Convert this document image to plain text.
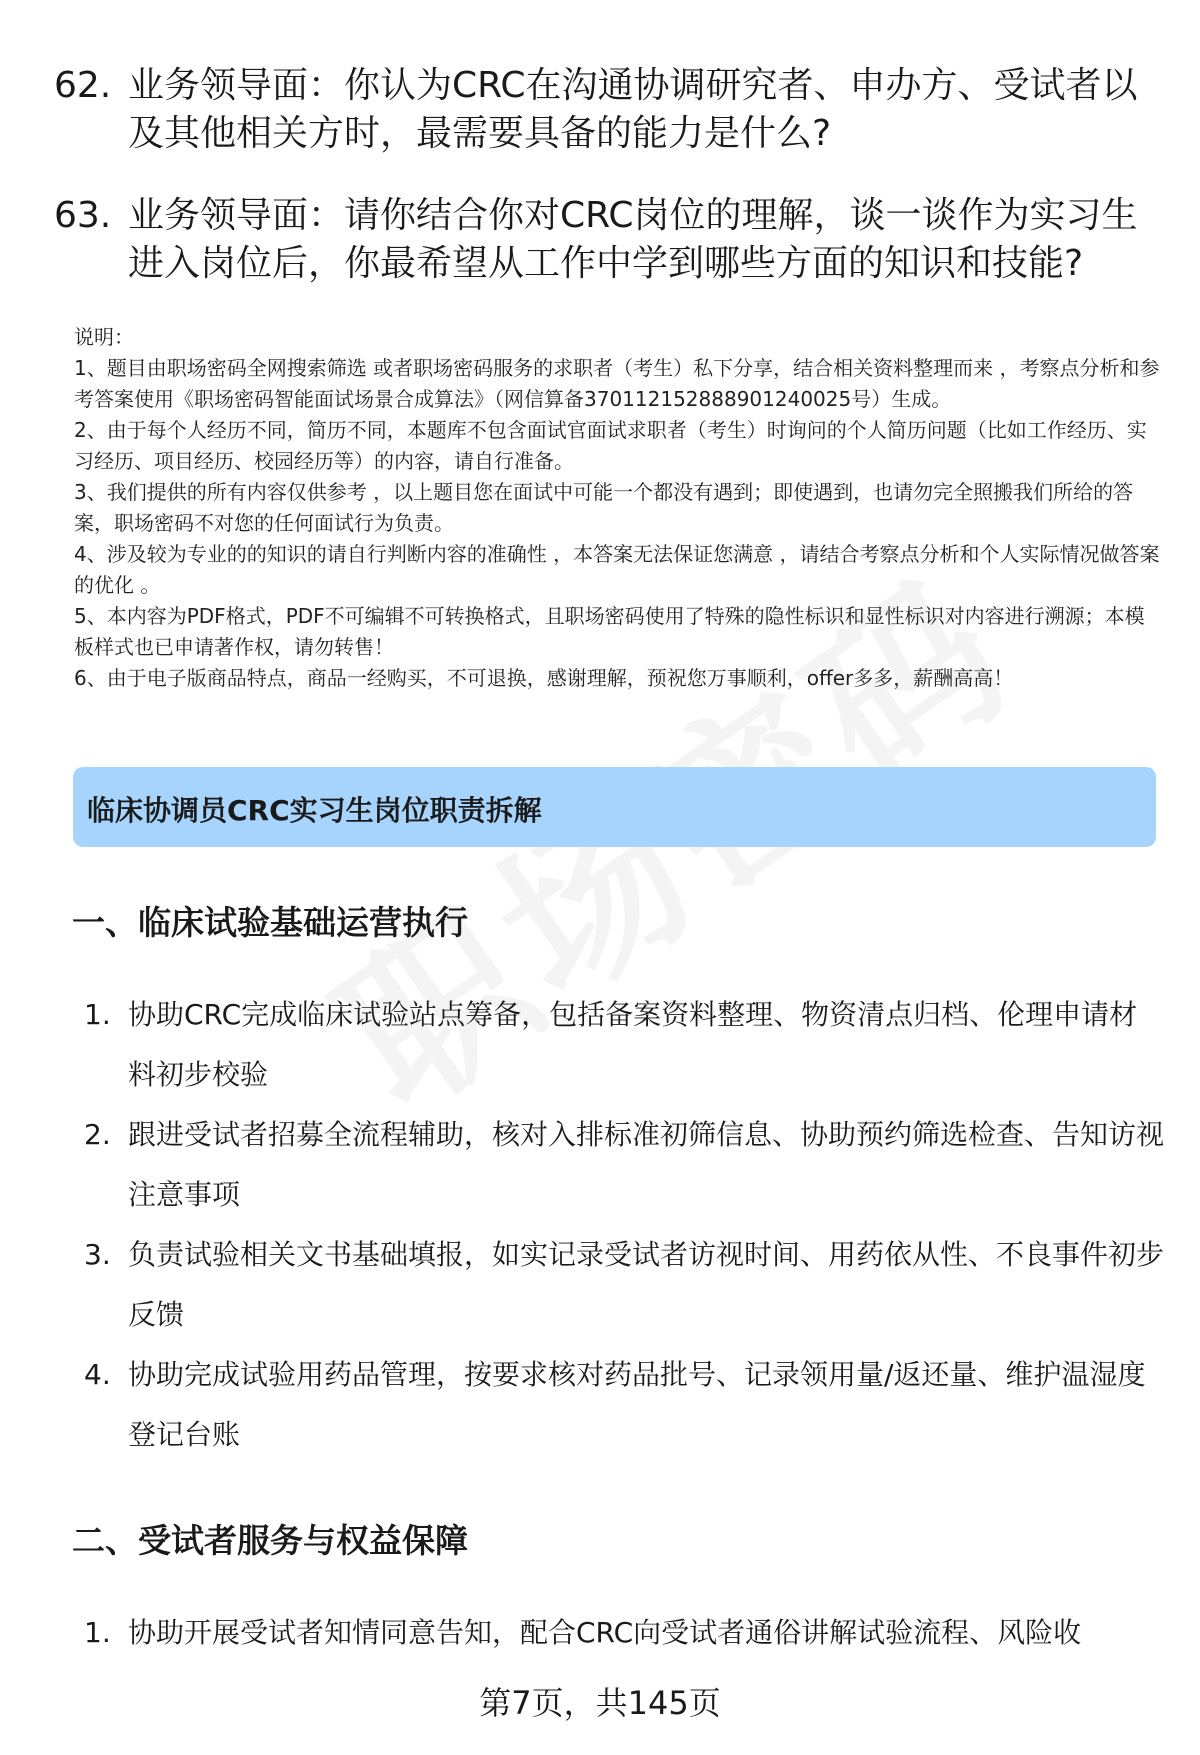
62. 业务领导面：你认为CRC在沟通协调研究者、申办方、受试者以及其他相关方时，最需要具备的能力是什么?
63. 业务领导面：请你结合你对CRC岗位的理解，谈一谈作为实习生进入岗位后，你最希望从工作中学到哪些方面的知识和技能?
说明：
1、题目由职场密码全网搜索筛选 或者职场密码服务的求职者（考生）私下分享，结合相关资料整理而来 ，考察点分析和参考答案使用《职场密码智能面试场景合成算法》（网信算备370112152888901240025号）生成。
2、由于每个人经历不同，简历不同，本题库不包含面试官面试求职者（考生）时询问的个人简历问题（比如工作经历、实习经历、项目经历、校园经历等）的内容，请自行准备。
3、我们提供的所有内容仅供参考 ，以上题目您在面试中可能一个都没有遇到；即使遇到，也请勿完全照搬我们所给的答案，职场密码不对您的任何面试行为负责。
4、涉及较为专业的的知识的请自行判断内容的准确性 ，本答案无法保证您满意 ，请结合考察点分析和个人实际情况做答案的优化 。
5、本内容为PDF格式，PDF不可编辑不可转换格式，且职场密码使用了特殊的隐性标识和显性标识对内容进行溯源；本模板样式也已申请著作权，请勿转售！
6、由于电子版商品特点，商品一经购买，不可退换，感谢理解，预祝您万事顺利，offer多多，薪酬高高！
临床协调员CRC实习生岗位职责拆解
一、临床试验基础运营执行
1. 协助CRC完成临床试验站点筹备，包括备案资料整理、物资清点归档、伦理申请材料初步校验
2. 跟进受试者招募全流程辅助，核对入排标准初筛信息、协助预约筛选检查、告知访视注意事项
3. 负责试验相关文书基础填报，如实记录受试者访视时间、用药依从性、不良事件初步反馈
4. 协助完成试验用药品管理，按要求核对药品批号、记录领用量/返还量、维护温湿度登记台账
二、受试者服务与权益保障
1. 协助开展受试者知情同意告知，配合CRC向受试者通俗讲解试验流程、风险收
第7页，共145页
